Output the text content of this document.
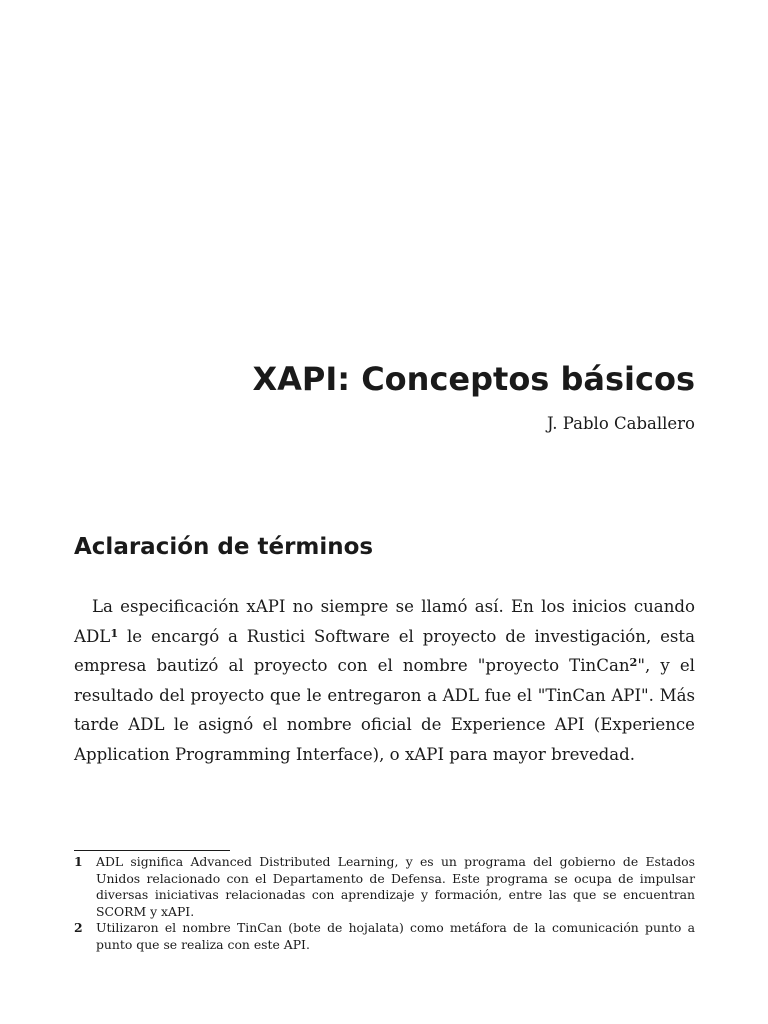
XAPI: Conceptos básicos

J. Pablo Caballero

Aclaración de términos

La especificación xAPI no siempre se llamó así. En los inicios cuando ADL$^1$ le encargó a Rustici Software el proyecto de investigación, esta empresa bautizó al proyecto con el nombre "proyecto TinCan$^2$", y el resultado del proyecto que le entregaron a ADL fue el "TinCan API". Más tarde ADL le asignó el nombre oficial de Experience API (Experience Application Programming Interface), o xAPI para mayor brevedad.

1	ADL significa Advanced Distributed Learning, y es un programa del gobierno de Estados Unidos relacionado con el Departamento de Defensa. Este programa se ocupa de impulsar diversas iniciativas relacionadas con aprendizaje y formación, entre las que se encuentran SCORM y xAPI.
2	Utilizaron el nombre TinCan (bote de hojalata) como metáfora de la comunicación punto a punto que se realiza con este API.
